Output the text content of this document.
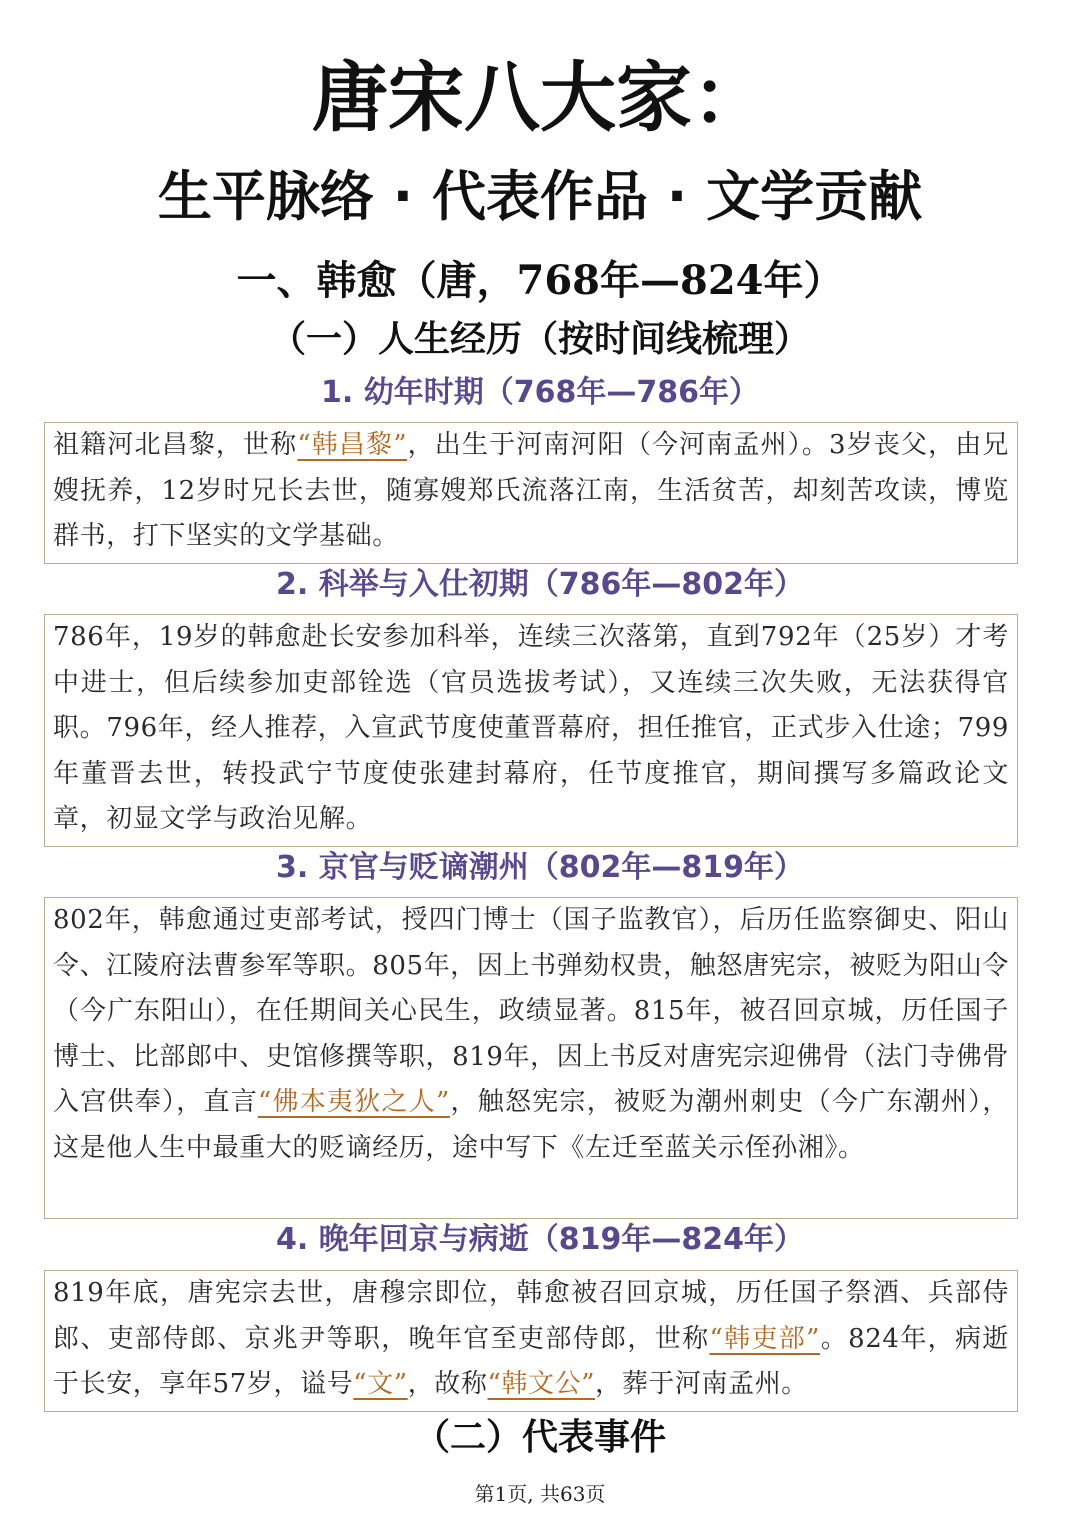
唐宋八大家：
生平脉络 · 代表作品 · 文学贡献
一、韩愈（唐，768年—824年）
（一）人生经历（按时间线梳理）
1. 幼年时期（768年—786年）
祖籍河北昌黎，世称“韩昌黎”，出生于河南河阳（今河南孟州）。3岁丧父，由兄嫂抚养，12岁时兄长去世，随寡嫂郑氏流落江南，生活贫苦，却刻苦攻读，博览群书，打下坚实的文学基础。
2. 科举与入仕初期（786年—802年）
786年，19岁的韩愈赴长安参加科举，连续三次落第，直到792年（25岁）才考中进士，但后续参加吏部铨选（官员选拔考试），又连续三次失败，无法获得官职。796年，经人推荐，入宣武节度使董晋幕府，担任推官，正式步入仕途；799年董晋去世，转投武宁节度使张建封幕府，任节度推官，期间撰写多篇政论文章，初显文学与政治见解。
3. 京官与贬谪潮州（802年—819年）
802年，韩愈通过吏部考试，授四门博士（国子监教官），后历任监察御史、阳山令、江陵府法曹参军等职。805年，因上书弹劾权贵，触怒唐宪宗，被贬为阳山令（今广东阳山），在任期间关心民生，政绩显著。815年，被召回京城，历任国子博士、比部郎中、史馆修撰等职，819年，因上书反对唐宪宗迎佛骨（法门寺佛骨入宫供奉），直言“佛本夷狄之人”，触怒宪宗，被贬为潮州刺史（今广东潮州），这是他人生中最重大的贬谪经历，途中写下《左迁至蓝关示侄孙湘》。
4. 晚年回京与病逝（819年—824年）
819年底，唐宪宗去世，唐穆宗即位，韩愈被召回京城，历任国子祭酒、兵部侍郎、吏部侍郎、京兆尹等职，晚年官至吏部侍郎，世称“韩吏部”。824年，病逝于长安，享年57岁，谥号“文”，故称“韩文公”，葬于河南孟州。
（二）代表事件
第1页, 共63页
